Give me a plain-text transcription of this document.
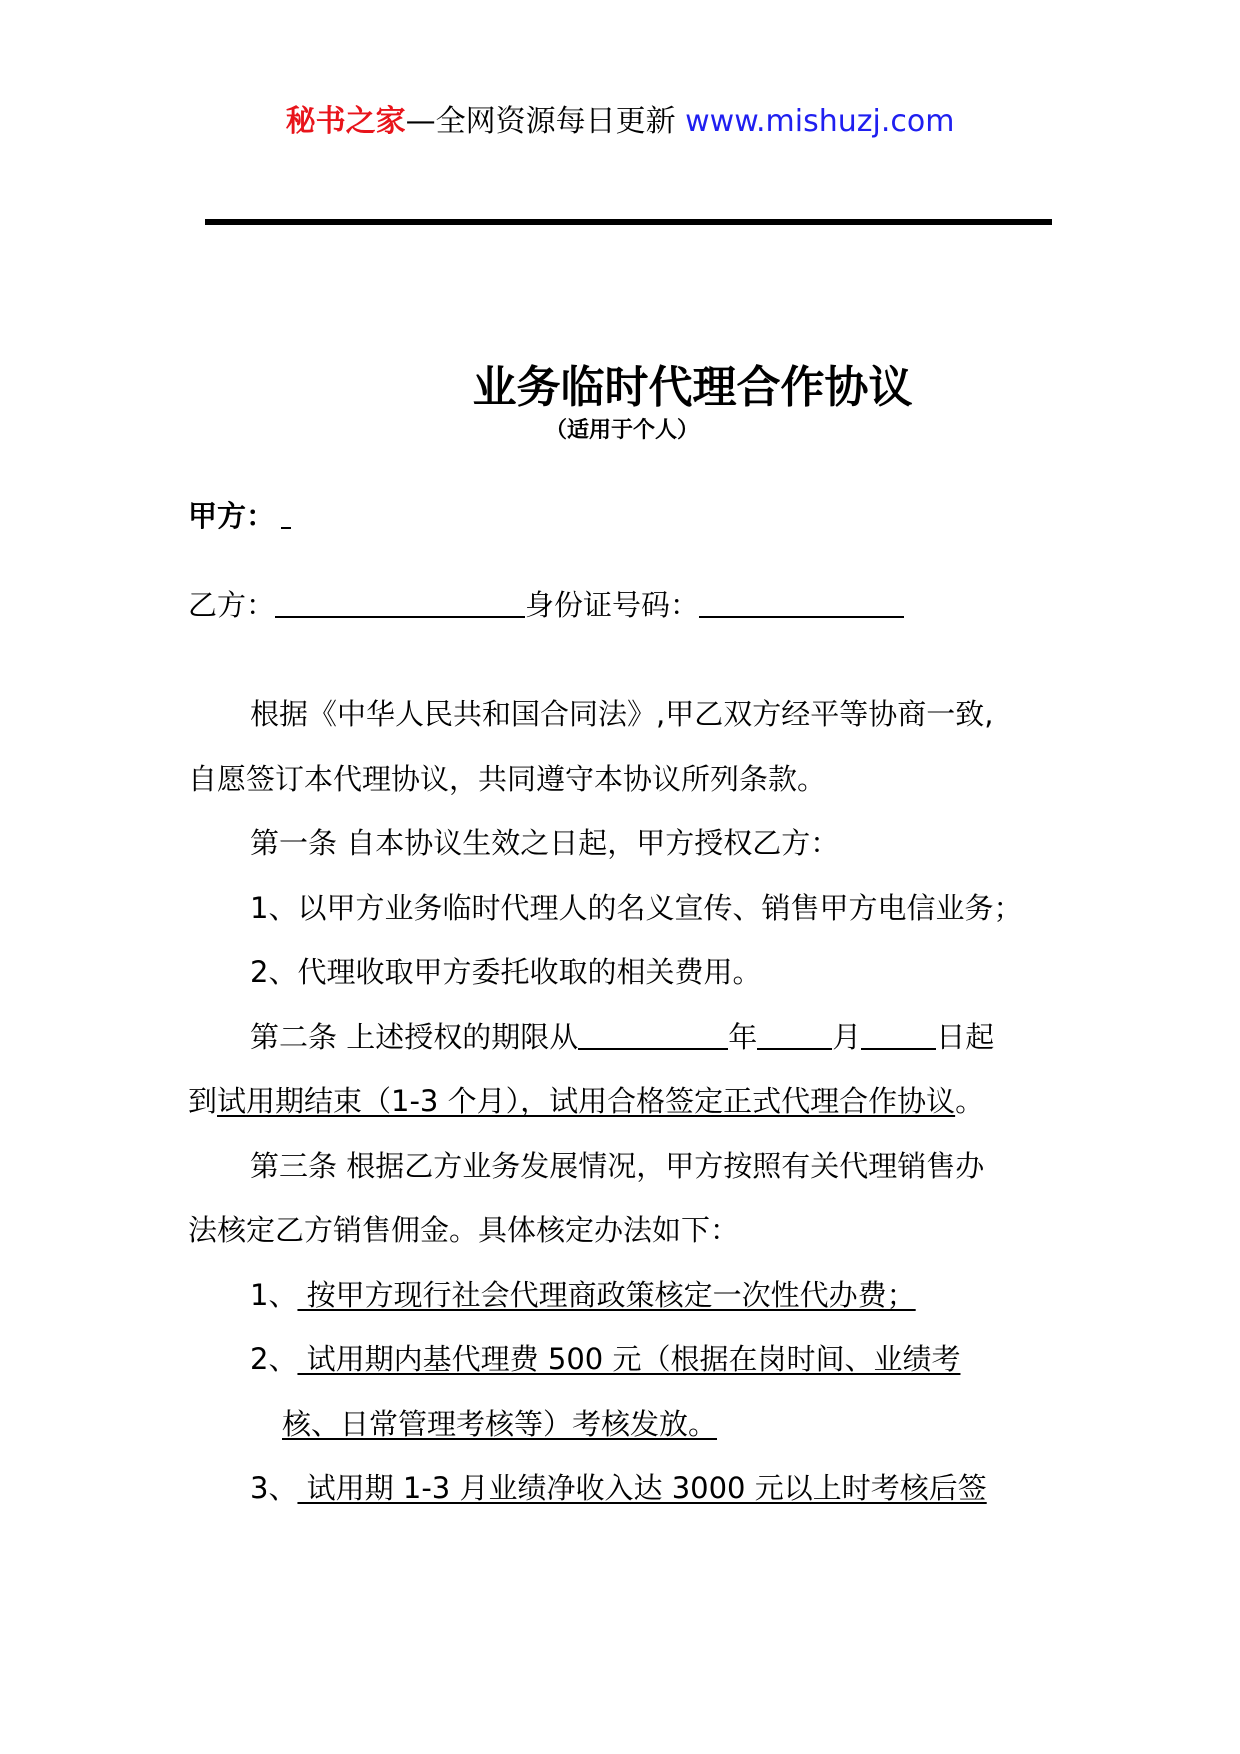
秘书之家—全网资源每日更新 www.mishuzj.com
业务临时代理合作协议
（适用于个人）
甲方：
乙方：	身份证号码：
根据《中华人民共和国合同法》,甲乙双方经平等协商一致,
自愿签订本代理协议，共同遵守本协议所列条款。
第一条 自本协议生效之日起，甲方授权乙方：
1、以甲方业务临时代理人的名义宣传、销售甲方电信业务；
2、代理收取甲方委托收取的相关费用。
第二条 上述授权的期限从	年	月	日起
到试用期结束（1-3 个月），试用合格签定正式代理合作协议。
第三条 根据乙方业务发展情况，甲方按照有关代理销售办
法核定乙方销售佣金。具体核定办法如下：
1、 按甲方现行社会代理商政策核定一次性代办费；
2、 试用期内基代理费 500 元（根据在岗时间、业绩考
核、日常管理考核等）考核发放。
3、 试用期 1-3 月业绩净收入达 3000 元以上时考核后签
